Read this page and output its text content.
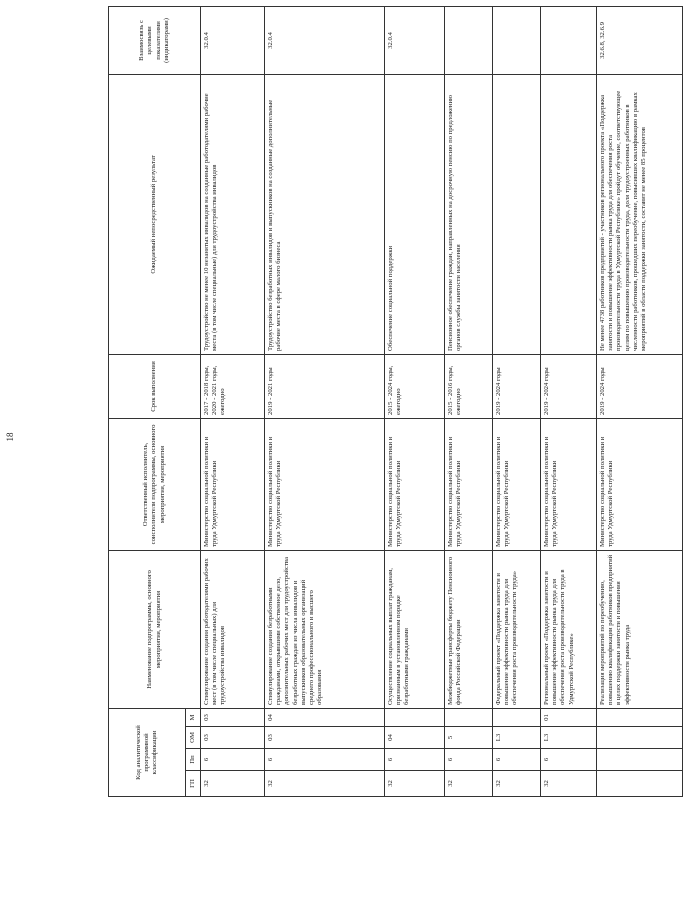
18
Код аналитической программной классификации				Наименование подпрограммы, основного мероприятия, мероприятия	Ответственный исполнитель, соисполнители подпрограммы, основного мероприятия, мероприятия	Срок выполнения	Ожидаемый непосредственный результат	Взаимосвязь с целевыми показателями (индикаторами)
ГП	Пп	ОМ	М					
32	6	03	03	Стимулирование создания работодателями рабочих мест (в том числе специальных) для трудоустройства инвалидов	Министерство социальной политики и труда Удмуртской Республики	2017 - 2018 годы, 2020 - 2021 годы, ежегодно	Трудоустройство не менее 10 незанятых инвалидов на созданные работодателями рабочие места (в том числе специальные) для трудоустройства инвалидов	32.0.4
32	6	03	04	Стимулирование создания безработными гражданами, открывшими собственное дело, дополнительных рабочих мест для трудоустройства безработных граждан из числа инвалидов и выпускников образовательных организаций среднего профессионального и высшего образования	Министерство социальной политики и труда Удмуртской Республики	2019 - 2021 годы	Трудоустройство безработных инвалидов и выпускников на созданные дополнительные рабочие места в сфере малого бизнеса	32.0.4
32	6	04		Осуществление социальных выплат гражданам, признанным в установленном порядке безработными гражданами	Министерство социальной политики и труда Удмуртской Республики	2015 - 2024 годы, ежегодно	Обеспечение социальной поддержки	32.0.4
32	6	5		Межбюджетные трансферты бюджету Пенсионного фонда Российской Федерации	Министерство социальной политики и труда Удмуртской Республики	2015 - 2016 годы, ежегодно	Пенсионное обеспечение граждан, направленных на досрочную пенсию по предложению органов службы занятости населения	
32	6	L3		Федеральный проект «Поддержка занятости и повышение эффективности рынка труда для обеспечения роста производительности труда»	Министерство социальной политики и труда Удмуртской Республики	2019 - 2024 годы		
32	6	L3	01	Региональный проект «Поддержка занятости и повышение эффективности рынка труда для обеспечения роста производительности труда в Удмуртской Республике»	Министерство социальной политики и труда Удмуртской Республики	2019 - 2024 годы		
				Реализация мероприятий по переобучению, повышению квалификации работников предприятий в целях поддержки занятости и повышения эффективности рынка труда	Министерство социальной политики и труда Удмуртской Республики	2019 - 2024 годы	Не менее 4738 работников предприятий - участников регионального проекта «Поддержка занятости и повышение эффективности рынка труда для обеспечения роста производительности труда в Удмуртской Республике» пройдут обучение, соответствующее целям по повышению производительности труда, доля трудоустроенных работников в численности работников, прошедших переобучение, повысивших квалификацию в рамках мероприятий в области поддержки занятости, составит не менее 85 процентов	32.6.8, 32.6.9
